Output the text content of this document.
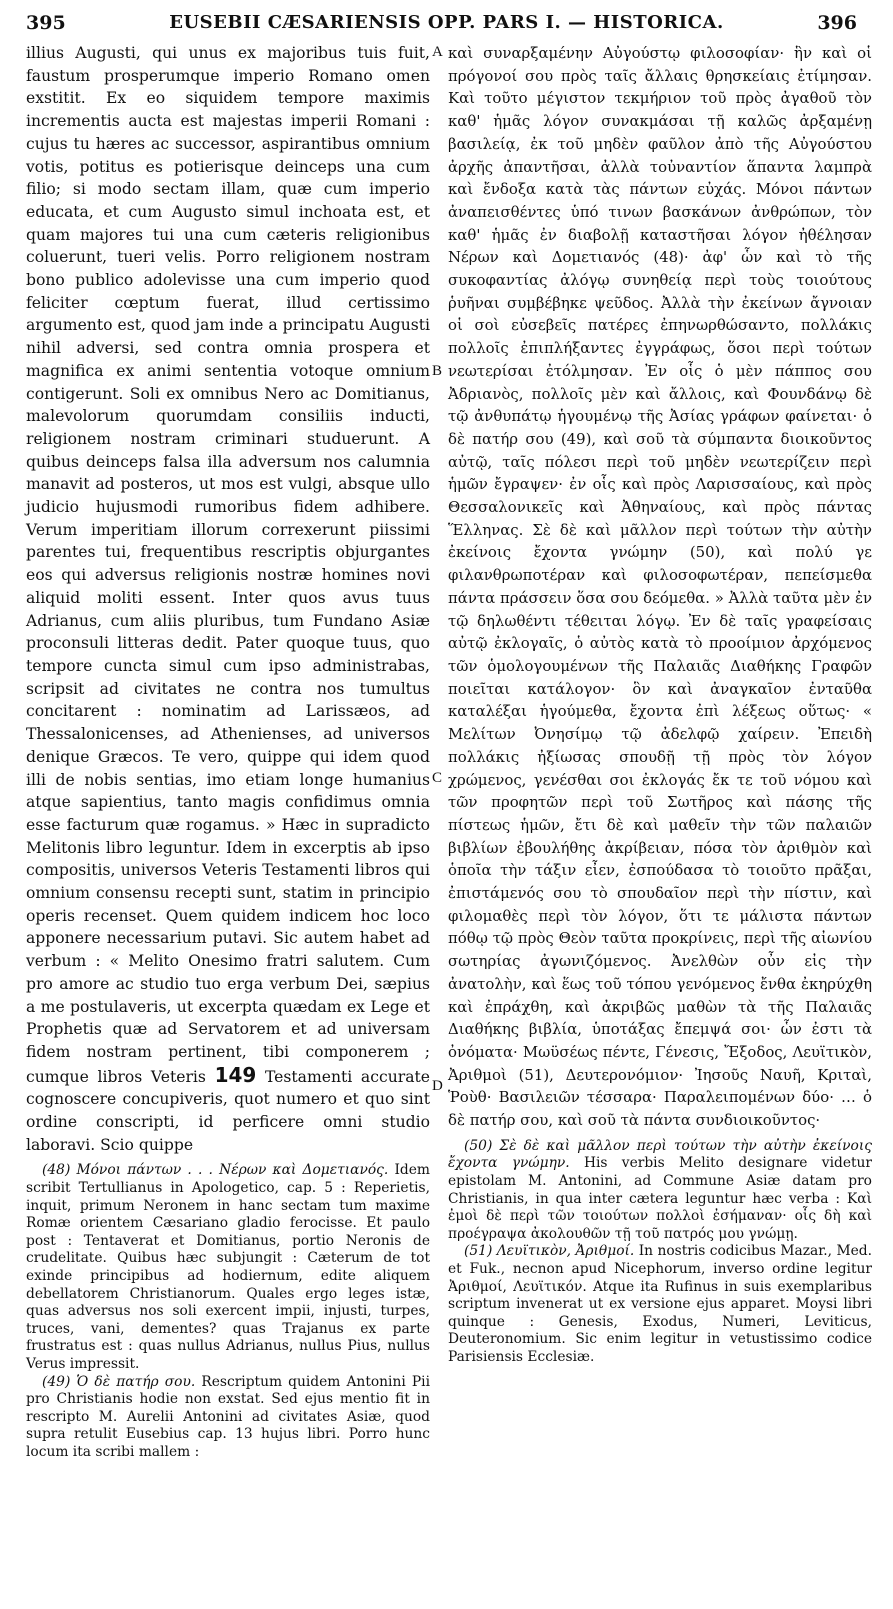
395	EUSEBII CÆSARIENSIS OPP. PARS I. — HISTORICA.	396
A
B
C
D

illius Augusti, qui unus ex majoribus tuis fuit, faustum prosperumque imperio Romano omen exstitit. Ex eo siquidem tempore maximis incrementis aucta est majestas imperii Romani : cujus tu hæres ac successor, aspirantibus omnium votis, potitus es potierisque deinceps una cum filio; si modo sectam illam, quæ cum imperio educata, et cum Augusto simul inchoata est, et quam majores tui una cum cæteris religionibus coluerunt, tueri velis. Porro religionem nostram bono publico adolevisse una cum imperio quod feliciter cœptum fuerat, illud certissimo argumento est, quod jam inde a principatu Augusti nihil adversi, sed contra omnia prospera et magnifica ex animi sententia votoque omnium contigerunt. Soli ex omnibus Nero ac Domitianus, malevolorum quorumdam consiliis inducti, religionem nostram criminari studuerunt. A quibus deinceps falsa illa adversum nos calumnia manavit ad posteros, ut mos est vulgi, absque ullo judicio hujusmodi rumoribus fidem adhibere. Verum imperitiam illorum correxerunt piissimi parentes tui, frequentibus rescriptis objurgantes eos qui adversus religionis nostræ homines novi aliquid moliti essent. Inter quos avus tuus Adrianus, cum aliis pluribus, tum Fundano Asiæ proconsuli litteras dedit. Pater quoque tuus, quo tempore cuncta simul cum ipso administrabas, scripsit ad civitates ne contra nos tumultus concitarent : nominatim ad Larissæos, ad Thessalonicenses, ad Athenienses, ad universos denique Græcos. Te vero, quippe qui idem quod illi de nobis sentias, imo etiam longe humanius atque sapientius, tanto magis confidimus omnia esse facturum quæ rogamus. » Hæc in supradicto Melitonis libro leguntur. Idem in excerptis ab ipso compositis, universos Veteris Testamenti libros qui omnium consensu recepti sunt, statim in principio operis recenset. Quem quidem indicem hoc loco apponere necessarium putavi. Sic autem habet ad verbum : « Melito Onesimo fratri salutem. Cum pro amore ac studio tuo erga verbum Dei, sæpius a me postulaveris, ut excerpta quædam ex Lege et Prophetis quæ ad Servatorem et ad universam fidem nostram pertinent, tibi componerem ; cumque libros Veteris 149 Testamenti accurate cognoscere concupiveris, quot numero et quo sint ordine conscripti, id perficere omni studio laboravi. Scio quippe

(48) Μόνοι πάντων . . . Νέρων καὶ Δομετιανός. Idem scribit Tertullianus in Apologetico, cap. 5 : Reperietis, inquit, primum Neronem in hanc sectam tum maxime Romæ orientem Cæsariano gladio ferocisse. Et paulo post : Tentaverat et Domitianus, portio Neronis de crudelitate. Quibus hæc subjungit : Cæterum de tot exinde principibus ad hodiernum, edite aliquem debellatorem Christianorum. Quales ergo leges istæ, quas adversus nos soli exercent impii, injusti, turpes, truces, vani, dementes? quas Trajanus ex parte frustratus est : quas nullus Adrianus, nullus Pius, nullus Verus impressit.

(49) Ὁ δὲ πατήρ σου. Rescriptum quidem Antonini Pii pro Christianis hodie non exstat. Sed ejus mentio fit in rescripto M. Aurelii Antonini ad civitates Asiæ, quod supra retulit Eusebius cap. 13 hujus libri. Porro hunc locum ita scribi mallem :

καὶ συναρξαμένην Αὐγούστῳ φιλοσοφίαν· ἣν καὶ οἱ πρόγονοί σου πρὸς ταῖς ἄλλαις θρησκείαις ἐτίμησαν. Καὶ τοῦτο μέγιστον τεκμήριον τοῦ πρὸς ἀγαθοῦ τὸν καθ' ἡμᾶς λόγον συνακμάσαι τῇ καλῶς ἀρξαμένῃ βασιλείᾳ, ἐκ τοῦ μηδὲν φαῦλον ἀπὸ τῆς Αὐγούστου ἀρχῆς ἀπαντῆσαι, ἀλλὰ τοὐναντίον ἅπαντα λαμπρὰ καὶ ἔνδοξα κατὰ τὰς πάντων εὐχάς. Μόνοι πάντων ἀναπεισθέντες ὑπό τινων βασκάνων ἀνθρώπων, τὸν καθ' ἡμᾶς ἐν διαβολῇ καταστῆσαι λόγον ἠθέλησαν Νέρων καὶ Δομετιανός (48)· ἀφ' ὧν καὶ τὸ τῆς συκοφαντίας ἀλόγῳ συνηθείᾳ περὶ τοὺς τοιούτους ῥυῆναι συμβέβηκε ψεῦδος. Ἀλλὰ τὴν ἐκείνων ἄγνοιαν οἱ σοὶ εὐσεβεῖς πατέρες ἐπηνωρθώσαντο, πολλάκις πολλοῖς ἐπιπλήξαντες ἐγγράφως, ὅσοι περὶ τούτων νεωτερίσαι ἐτόλμησαν. Ἐν οἷς ὁ μὲν πάππος σου Ἀδριανὸς, πολλοῖς μὲν καὶ ἄλλοις, καὶ Φουνδάνῳ δὲ τῷ ἀνθυπάτῳ ἡγουμένῳ τῆς Ἀσίας γράφων φαίνεται· ὁ δὲ πατήρ σου (49), καὶ σοῦ τὰ σύμπαντα διοικοῦντος αὐτῷ, ταῖς πόλεσι περὶ τοῦ μηδὲν νεωτερίζειν περὶ ἡμῶν ἔγραψεν· ἐν οἷς καὶ πρὸς Λαρισσαίους, καὶ πρὸς Θεσσαλονικεῖς καὶ Ἀθηναίους, καὶ πρὸς πάντας Ἕλληνας. Σὲ δὲ καὶ μᾶλλον περὶ τούτων τὴν αὐτὴν ἐκείνοις ἔχοντα γνώμην (50), καὶ πολύ γε φιλανθρωποτέραν καὶ φιλοσοφωτέραν, πεπείσμεθα πάντα πράσσειν ὅσα σου δεόμεθα. » Ἀλλὰ ταῦτα μὲν ἐν τῷ δηλωθέντι τέθειται λόγῳ. Ἐν δὲ ταῖς γραφείσαις αὐτῷ ἐκλογαῖς, ὁ αὐτὸς κατὰ τὸ προοίμιον ἀρχόμενος τῶν ὁμολογουμένων τῆς Παλαιᾶς Διαθήκης Γραφῶν ποιεῖται κατάλογον· ὃν καὶ ἀναγκαῖον ἐνταῦθα καταλέξαι ἡγούμεθα, ἔχοντα ἐπὶ λέξεως οὕτως· « Μελίτων Ὀνησίμῳ τῷ ἀδελφῷ χαίρειν. Ἐπειδὴ πολλάκις ἠξίωσας σπουδῇ τῇ πρὸς τὸν λόγον χρώμενος, γενέσθαι σοι ἐκλογάς ἔκ τε τοῦ νόμου καὶ τῶν προφητῶν περὶ τοῦ Σωτῆρος καὶ πάσης τῆς πίστεως ἡμῶν, ἔτι δὲ καὶ μαθεῖν τὴν τῶν παλαιῶν βιβλίων ἐβουλήθης ἀκρίβειαν, πόσα τὸν ἀριθμὸν καὶ ὁποῖα τὴν τάξιν εἶεν, ἐσπούδασα τὸ τοιοῦτο πρᾶξαι, ἐπιστάμενός σου τὸ σπουδαῖον περὶ τὴν πίστιν, καὶ φιλομαθὲς περὶ τὸν λόγον, ὅτι τε μάλιστα πάντων πόθῳ τῷ πρὸς Θεὸν ταῦτα προκρίνεις, περὶ τῆς αἰωνίου σωτηρίας ἀγωνιζόμενος. Ἀνελθὼν οὖν εἰς τὴν ἀνατολὴν, καὶ ἕως τοῦ τόπου γενόμενος ἔνθα ἐκηρύχθη καὶ ἐπράχθη, καὶ ἀκριβῶς μαθὼν τὰ τῆς Παλαιᾶς Διαθήκης βιβλία, ὑποτάξας ἔπεμψά σοι· ὧν ἐστι τὰ ὀνόματα· Μωϋσέως πέντε, Γένεσις, Ἔξοδος, Λευϊτικὸν, Ἀριθμοὶ (51), Δευτερονόμιον· Ἰησοῦς Ναυῆ, Κριταὶ, Ῥοὺθ· Βασιλειῶν τέσσαρα· Παραλειπομένων δύο· … ὁ δὲ πατήρ σου, καὶ σοῦ τὰ πάντα συνδιοικοῦντος·

(50) Σὲ δὲ καὶ μᾶλλον περὶ τούτων τὴν αὐτὴν ἐκείνοις ἔχοντα γνώμην. His verbis Melito designare videtur epistolam M. Antonini, ad Commune Asiæ datam pro Christianis, in qua inter cætera leguntur hæc verba : Καὶ ἐμοὶ δὲ περὶ τῶν τοιούτων πολλοὶ ἐσήμαναν· οἷς δὴ καὶ προέγραψα ἀκολουθῶν τῇ τοῦ πατρός μου γνώμῃ.

(51) Λευϊτικὸν, Ἀριθμοί. In nostris codicibus Mazar., Med. et Fuk., necnon apud Nicephorum, inverso ordine legitur Ἀριθμοί, Λευϊτικόν. Atque ita Rufinus in suis exemplaribus scriptum invenerat ut ex versione ejus apparet. Moysi libri quinque : Genesis, Exodus, Numeri, Leviticus, Deuteronomium. Sic enim legitur in vetustissimo codice Parisiensis Ecclesiæ.
